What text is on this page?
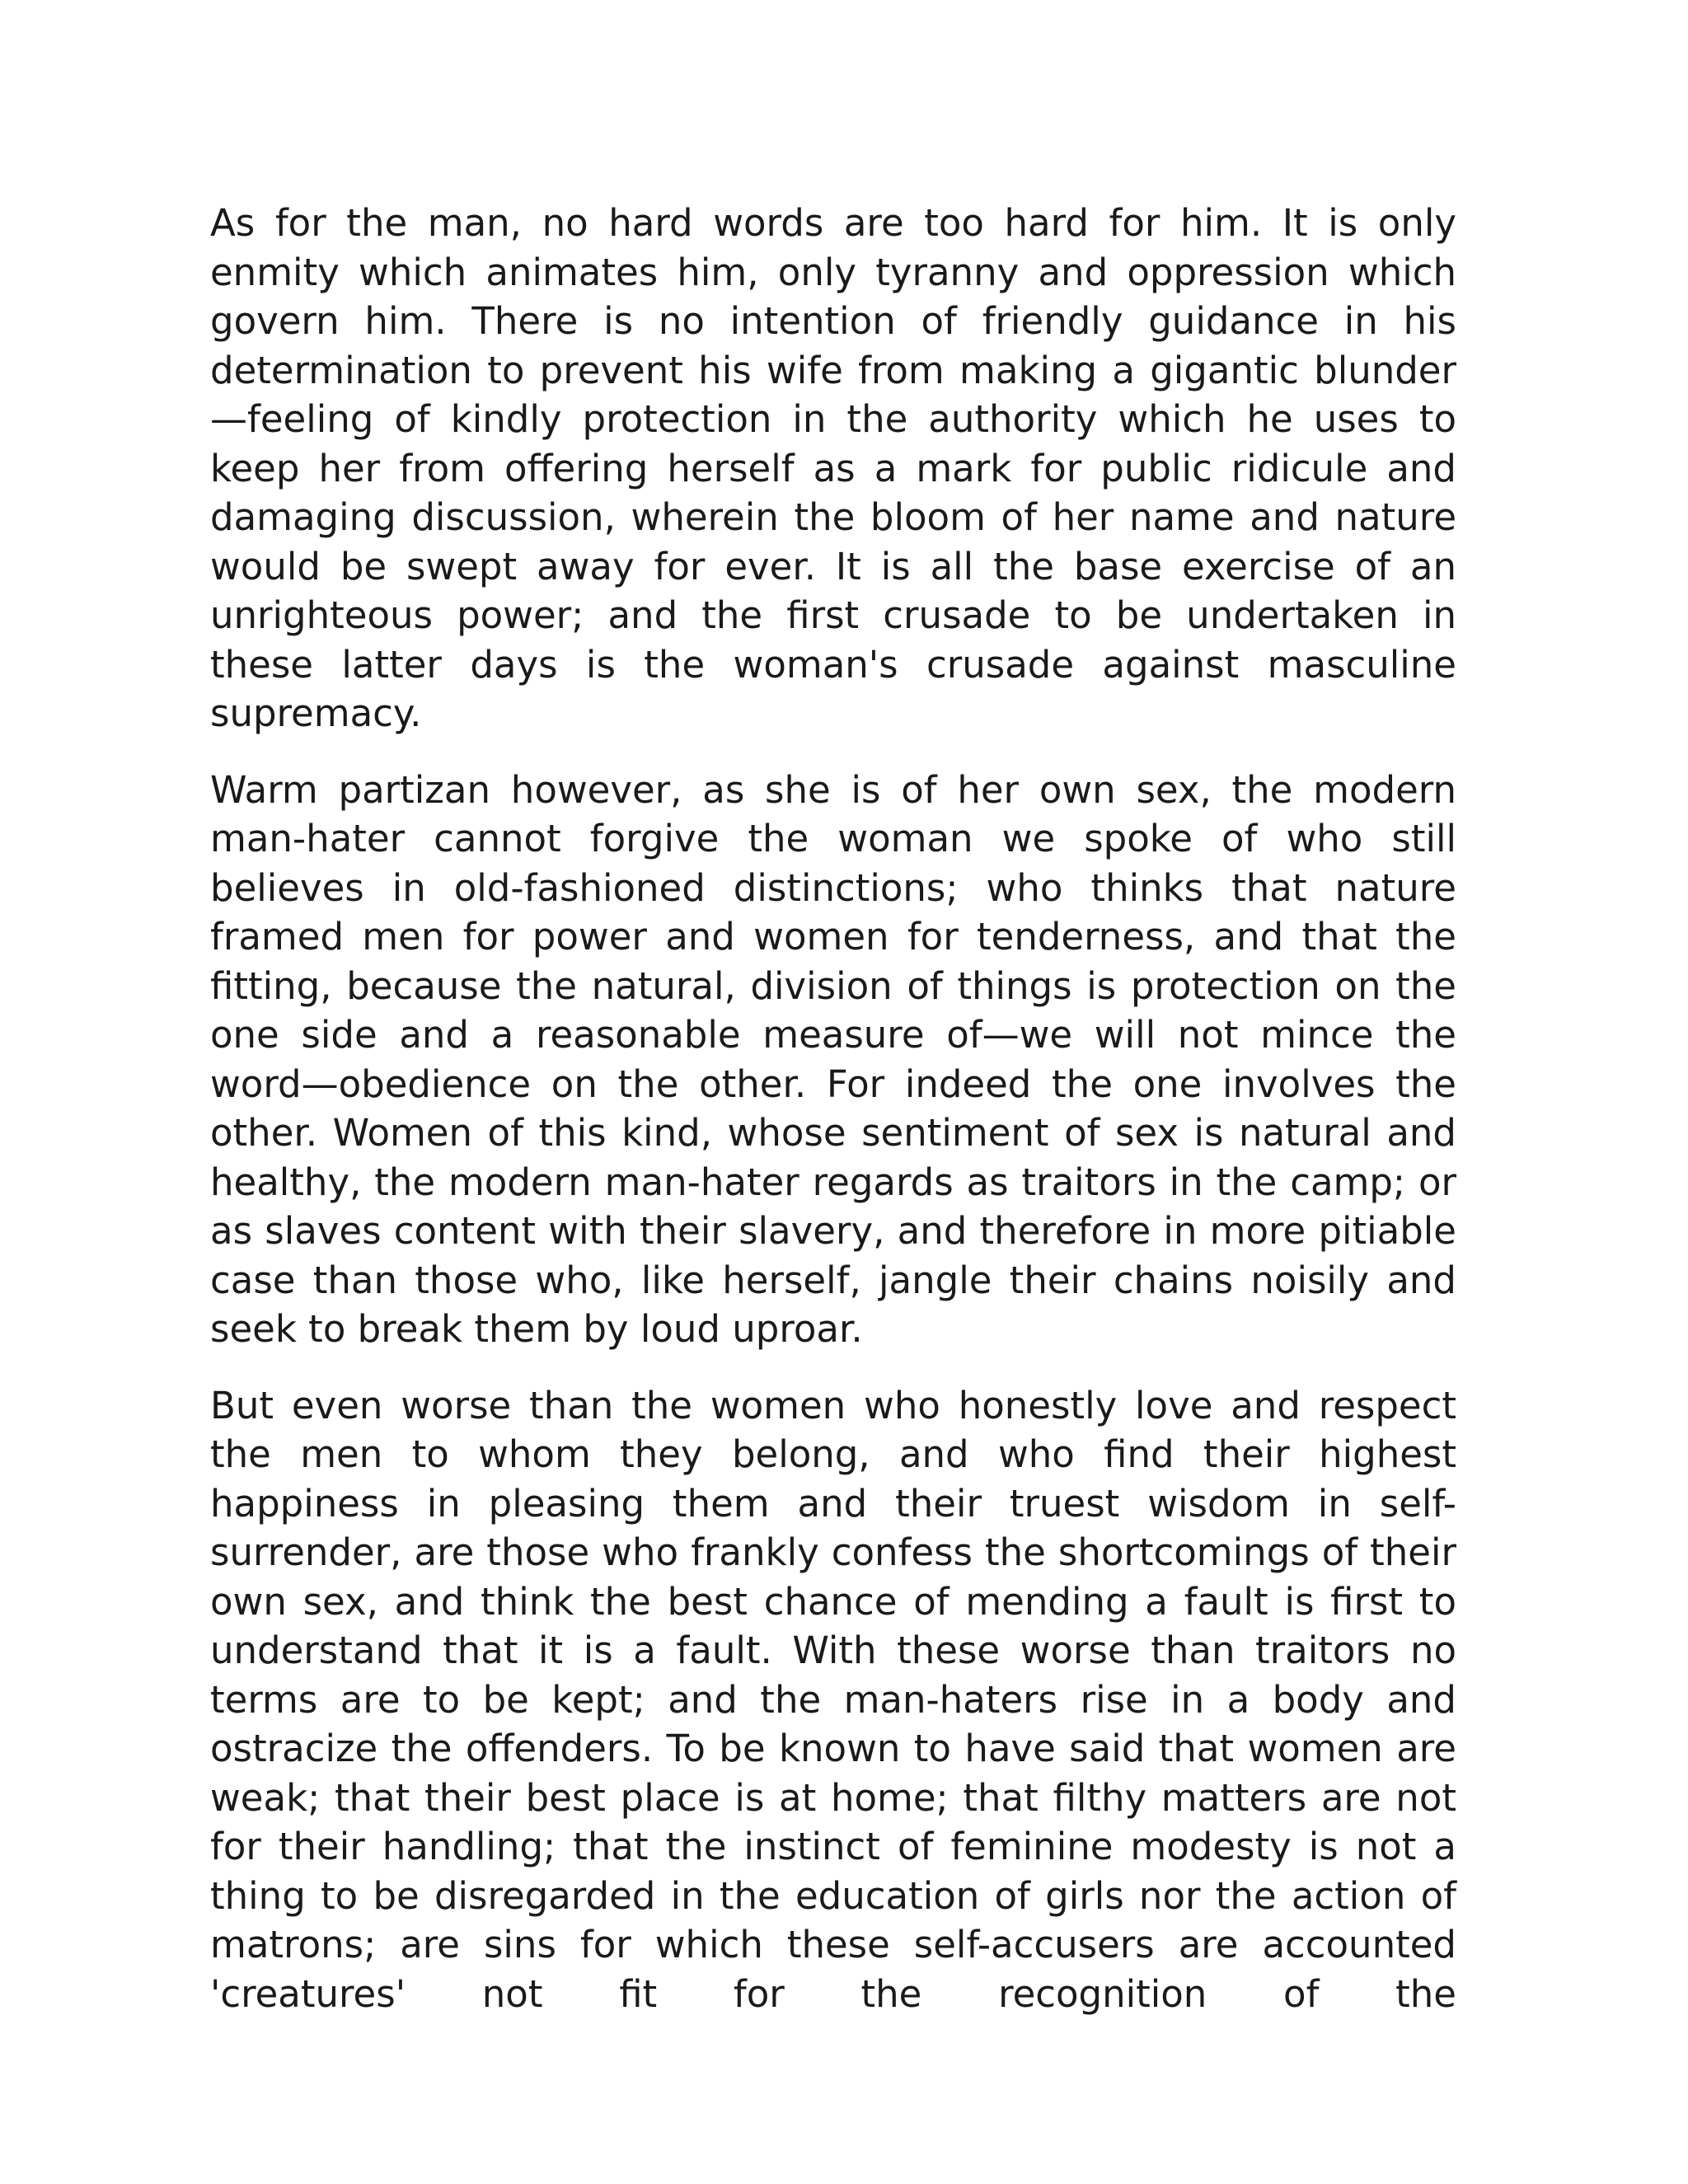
As for the man, no hard words are too hard for him. It is only enmity which animates him, only tyranny and oppression which govern him. There is no intention of friendly guidance in his determination to prevent his wife from making a gigantic blunder—feeling of kindly protection in the authority which he uses to keep her from offering herself as a mark for public ridicule and damaging discussion, wherein the bloom of her name and nature would be swept away for ever. It is all the base exercise of an unrighteous power; and the first crusade to be undertaken in these latter days is the woman's crusade against masculine supremacy.

Warm partizan however, as she is of her own sex, the modern man-hater cannot forgive the woman we spoke of who still believes in old-fashioned distinctions; who thinks that nature framed men for power and women for tenderness, and that the fitting, because the natural, division of things is protection on the one side and a reasonable measure of—we will not mince the word—obedience on the other. For indeed the one involves the other. Women of this kind, whose sentiment of sex is natural and healthy, the modern man-hater regards as traitors in the camp; or as slaves content with their slavery, and therefore in more pitiable case than those who, like herself, jangle their chains noisily and seek to break them by loud uproar.

But even worse than the women who honestly love and respect the men to whom they belong, and who find their highest happiness in pleasing them and their truest wisdom in self-surrender, are those who frankly confess the shortcomings of their own sex, and think the best chance of mending a fault is first to understand that it is a fault. With these worse than traitors no terms are to be kept; and the man-haters rise in a body and ostracize the offenders. To be known to have said that women are weak; that their best place is at home; that filthy matters are not for their handling; that the instinct of feminine modesty is not a thing to be disregarded in the education of girls nor the action of matrons; are sins for which these self-accusers are accounted 'creatures' not fit for the recognition of the
